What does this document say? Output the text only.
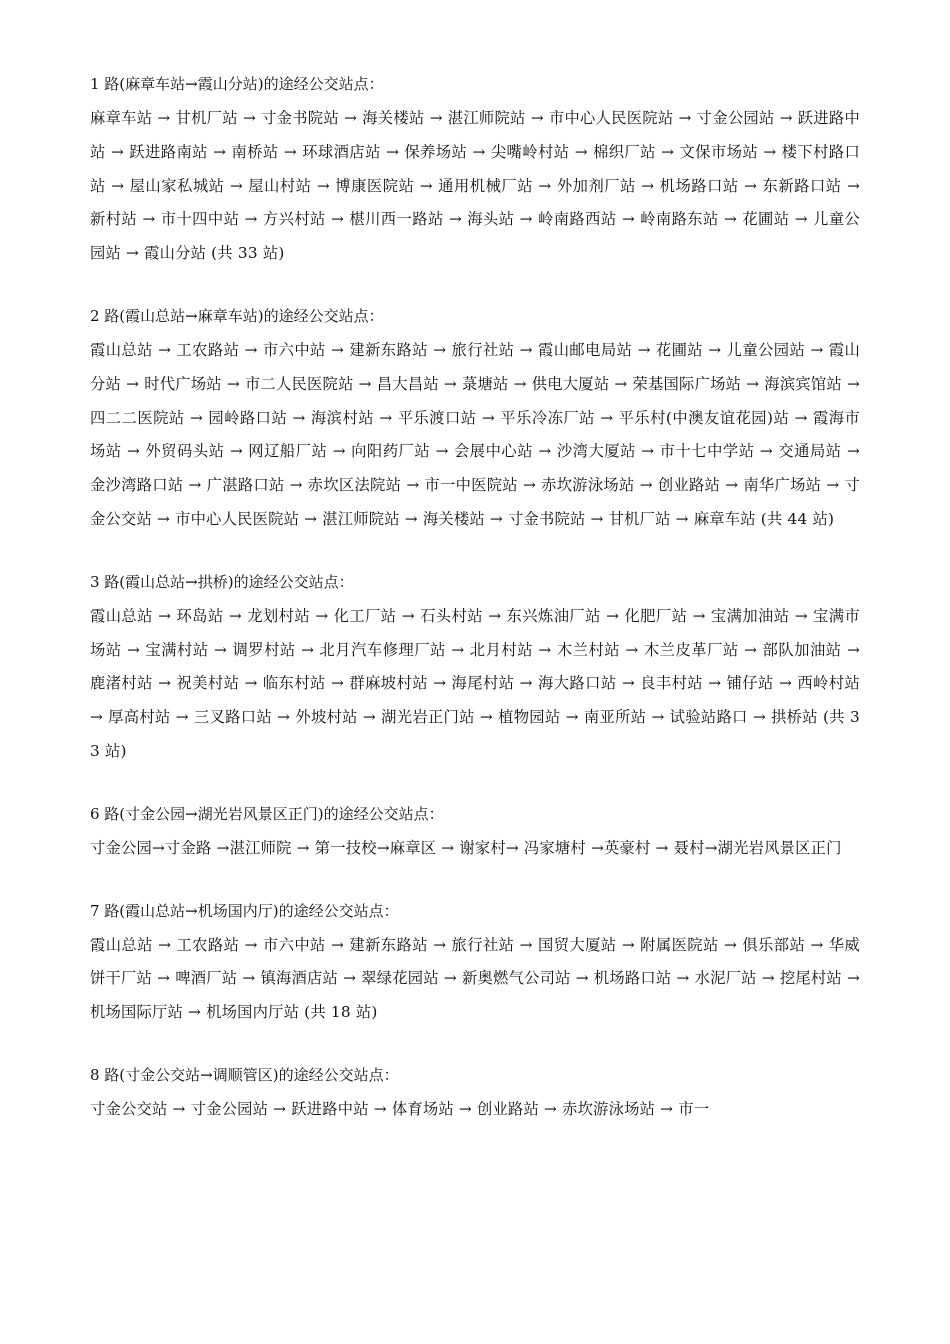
1 路(麻章车站→霞山分站)的途经公交站点：
麻章车站 → 甘机厂站 → 寸金书院站 → 海关楼站 → 湛江师院站 → 市中心人民医院站 → 寸金公园站 → 跃进路中站 → 跃进路南站 → 南桥站 → 环球酒店站 → 保养场站 → 尖嘴岭村站 → 棉织厂站 → 文保市场站 → 楼下村路口站 → 屋山家私城站 → 屋山村站 → 博康医院站 → 通用机械厂站 → 外加剂厂站 → 机场路口站 → 东新路口站 → 新村站 → 市十四中站 → 方兴村站 → 椹川西一路站 → 海头站 → 岭南路西站 → 岭南路东站 → 花圃站 → 儿童公园站 → 霞山分站 (共 33 站)
2 路(霞山总站→麻章车站)的途经公交站点：
霞山总站 → 工农路站 → 市六中站 → 建新东路站 → 旅行社站 → 霞山邮电局站 → 花圃站 → 儿童公园站 → 霞山分站 → 时代广场站 → 市二人民医院站 → 昌大昌站 → 菉塘站 → 供电大厦站 → 荣基国际广场站 → 海滨宾馆站 → 四二二医院站 → 园岭路口站 → 海滨村站 → 平乐渡口站 → 平乐冷冻厂站 → 平乐村(中澳友谊花园)站 → 霞海市场站 → 外贸码头站 → 网辽船厂站 → 向阳药厂站 → 会展中心站 → 沙湾大厦站 → 市十七中学站 → 交通局站 → 金沙湾路口站 → 广湛路口站 → 赤坎区法院站 → 市一中医院站 → 赤坎游泳场站 → 创业路站 → 南华广场站 → 寸金公交站 → 市中心人民医院站 → 湛江师院站 → 海关楼站 → 寸金书院站 → 甘机厂站 → 麻章车站 (共 44 站)
3 路(霞山总站→拱桥)的途经公交站点：
霞山总站 → 环岛站 → 龙划村站 → 化工厂站 → 石头村站 → 东兴炼油厂站 → 化肥厂站 → 宝满加油站 → 宝满市场站 → 宝满村站 → 调罗村站 → 北月汽车修理厂站 → 北月村站 → 木兰村站 → 木兰皮革厂站 → 部队加油站 → 鹿渚村站 → 祝美村站 → 临东村站 → 群麻坡村站 → 海尾村站 → 海大路口站 → 良丰村站 → 铺仔站 → 西岭村站 → 厚高村站 → 三叉路口站 → 外坡村站 → 湖光岩正门站 → 植物园站 → 南亚所站 → 试验站路口 → 拱桥站 (共 33 站)
6 路(寸金公园→湖光岩风景区正门)的途经公交站点：
寸金公园→寸金路 →湛江师院 → 第一技校→麻章区 → 谢家村→ 冯家塘村 →英豪村 → 聂村→湖光岩风景区正门
7 路(霞山总站→机场国内厅)的途经公交站点：
霞山总站 → 工农路站 → 市六中站 → 建新东路站 → 旅行社站 → 国贸大厦站 → 附属医院站 → 俱乐部站 → 华威饼干厂站 → 啤酒厂站 → 镇海酒店站 → 翠绿花园站 → 新奥燃气公司站 → 机场路口站 → 水泥厂站 → 挖尾村站 → 机场国际厅站 → 机场国内厅站 (共 18 站)
8 路(寸金公交站→调顺管区)的途经公交站点：
寸金公交站 → 寸金公园站 → 跃进路中站 → 体育场站 → 创业路站 → 赤坎游泳场站 → 市一
